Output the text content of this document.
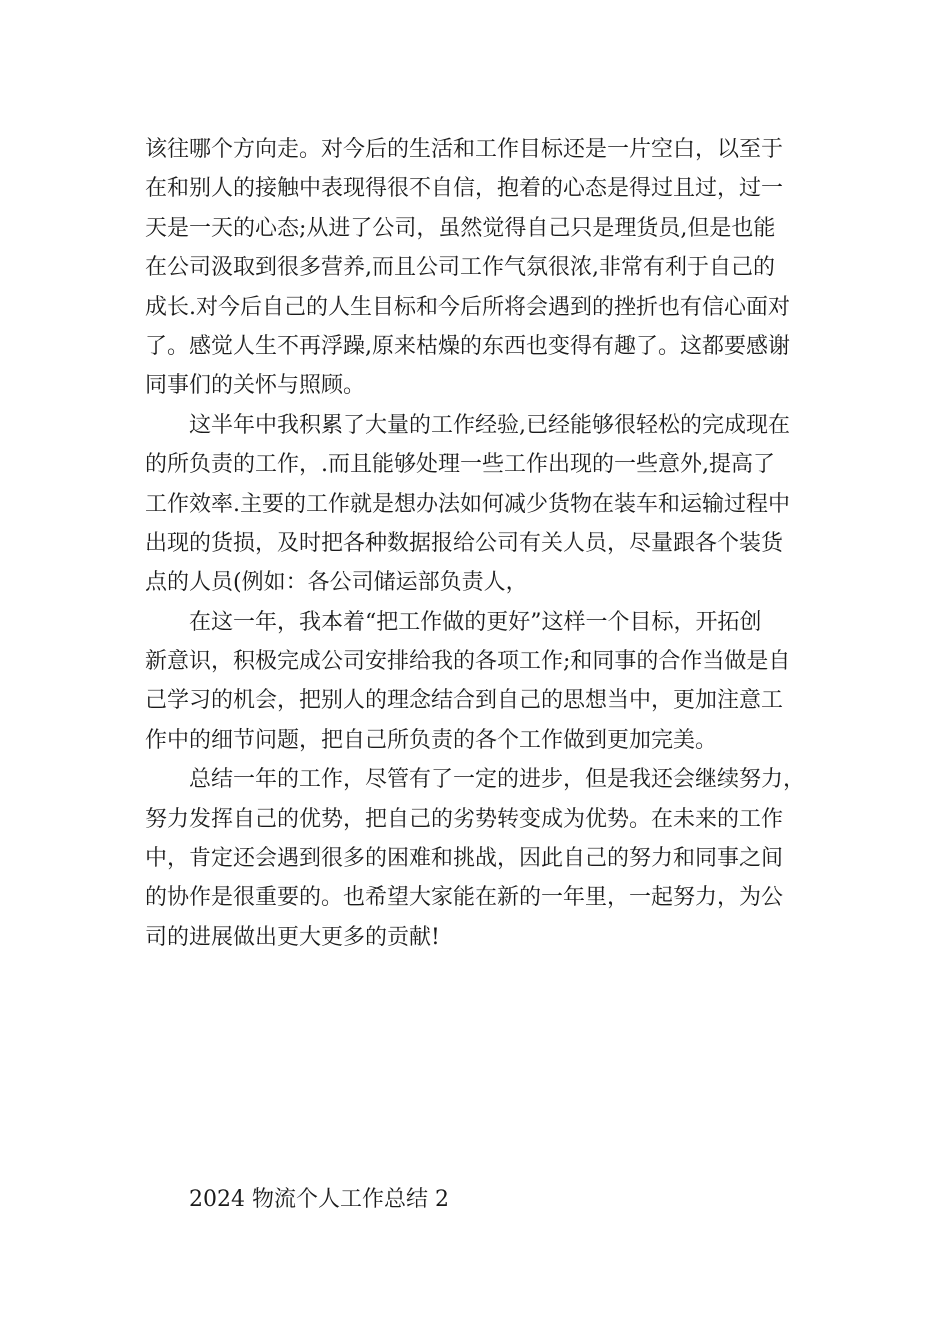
该往哪个方向走。对今后的生活和工作目标还是一片空白，以至于
在和别人的接触中表现得很不自信，抱着的心态是得过且过，过一
天是一天的心态;从进了公司，虽然觉得自己只是理货员,但是也能
在公司汲取到很多营养,而且公司工作气氛很浓,非常有利于自己的
成长.对今后自己的人生目标和今后所将会遇到的挫折也有信心面对
了。感觉人生不再浮躁,原来枯燥的东西也变得有趣了。这都要感谢
同事们的关怀与照顾。
这半年中我积累了大量的工作经验,已经能够很轻松的完成现在
的所负责的工作，.而且能够处理一些工作出现的一些意外,提高了
工作效率.主要的工作就是想办法如何减少货物在装车和运输过程中
出现的货损，及时把各种数据报给公司有关人员，尽量跟各个装货
点的人员(例如：各公司储运部负责人，
在这一年，我本着“把工作做的更好”这样一个目标，开拓创
新意识，积极完成公司安排给我的各项工作;和同事的合作当做是自
己学习的机会，把别人的理念结合到自己的思想当中，更加注意工
作中的细节问题，把自己所负责的各个工作做到更加完美。
总结一年的工作，尽管有了一定的进步，但是我还会继续努力，
努力发挥自己的优势，把自己的劣势转变成为优势。在未来的工作
中，肯定还会遇到很多的困难和挑战，因此自己的努力和同事之间
的协作是很重要的。也希望大家能在新的一年里，一起努力，为公
司的进展做出更大更多的贡献!
2024 物流个人工作总结 2
